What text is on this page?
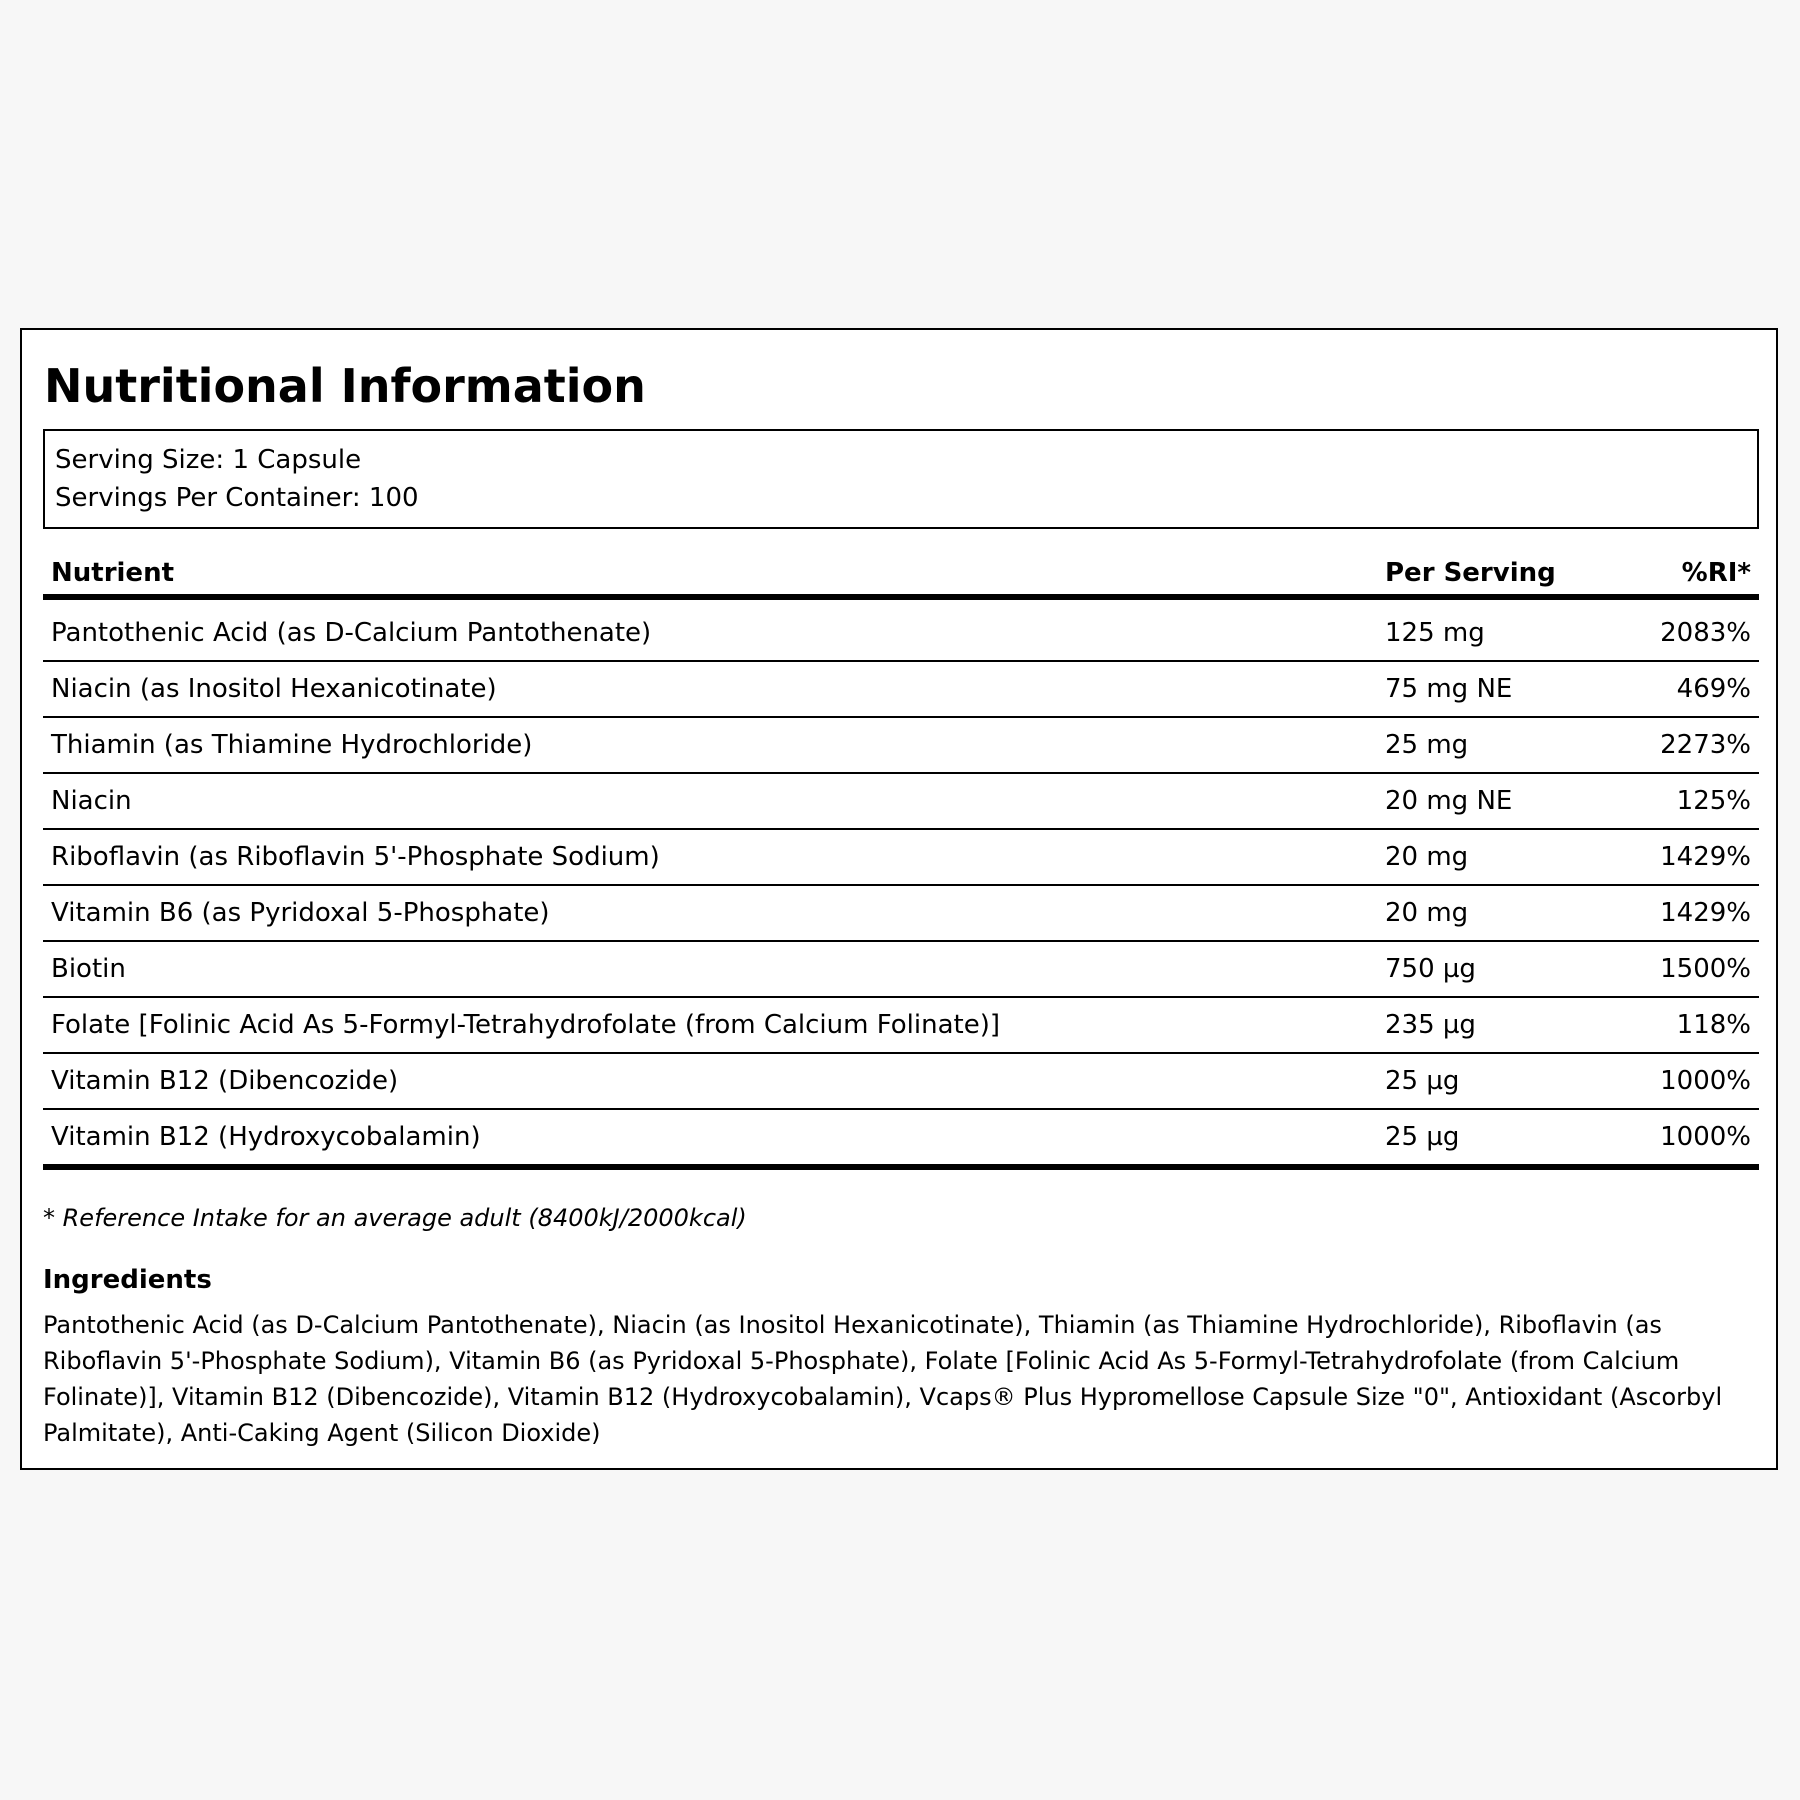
Nutritional Information
Serving Size: 1 Capsule
Servings Per Container: 100
Nutrient	Per Serving	%RI*
Pantothenic Acid (as D-Calcium Pantothenate)	125 mg	2083%
Niacin (as Inositol Hexanicotinate)	75 mg NE	469%
Thiamin (as Thiamine Hydrochloride)	25 mg	2273%
Niacin	20 mg NE	125%
Riboflavin (as Riboflavin 5'-Phosphate Sodium)	20 mg	1429%
Vitamin B6 (as Pyridoxal 5-Phosphate)	20 mg	1429%
Biotin	750 µg	1500%
Folate [Folinic Acid As 5-Formyl-Tetrahydrofolate (from Calcium Folinate)]	235 µg	118%
Vitamin B12 (Dibencozide)	25 µg	1000%
Vitamin B12 (Hydroxycobalamin)	25 µg	1000%

* Reference Intake for an average adult (8400kJ/2000kcal)

Ingredients

Pantothenic Acid (as D-Calcium Pantothenate), Niacin (as Inositol Hexanicotinate), Thiamin (as Thiamine Hydrochloride), Riboflavin (as Riboflavin 5'-Phosphate Sodium), Vitamin B6 (as Pyridoxal 5-Phosphate), Folate [Folinic Acid As 5-Formyl-Tetrahydrofolate (from Calcium Folinate)], Vitamin B12 (Dibencozide), Vitamin B12 (Hydroxycobalamin), Vcaps® Plus Hypromellose Capsule Size "0", Antioxidant (Ascorbyl Palmitate), Anti-Caking Agent (Silicon Dioxide)
